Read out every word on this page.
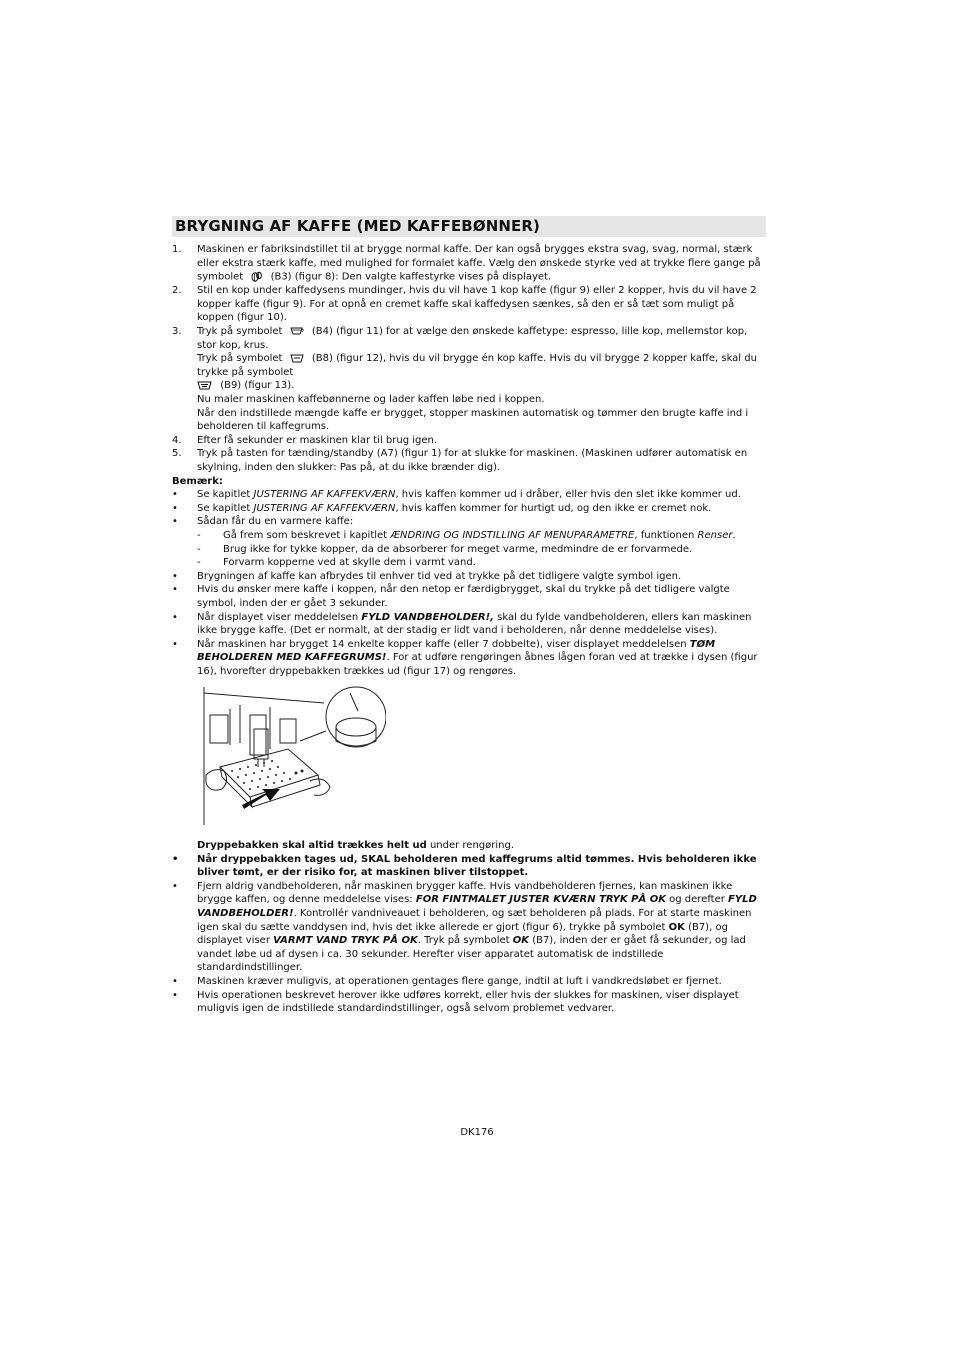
BRYGNING AF KAFFE (MED KAFFEBØNNER)
1. Maskinen er fabriksindstillet til at brygge normal kaffe. Der kan også brygges ekstra svag, svag, normal, stærk eller ekstra stærk kaffe, med mulighed for formalet kaffe. Vælg den ønskede styrke ved at trykke flere gange på symbolet	(B3) (figur 8): Den valgte kaffestyrke vises på displayet.
2. Stil en kop under kaffedysens mundinger, hvis du vil have 1 kop kaffe (figur 9) eller 2 kopper, hvis du vil have 2 kopper kaffe (figur 9). For at opnå en cremet kaffe skal kaffedysen sænkes, så den er så tæt som muligt på koppen (figur 10).
3. Tryk på symbolet	(B4) (figur 11) for at vælge den ønskede kaffetype: espresso, lille kop, mellemstor kop, stor kop, krus.
Tryk på symbolet	(B8) (figur 12), hvis du vil brygge én kop kaffe. Hvis du vil brygge 2 kopper kaffe, skal du trykke på symbolet
(B9) (figur 13).
Nu maler maskinen kaffebønnerne og lader kaffen løbe ned i koppen.
Når den indstillede mængde kaffe er brygget, stopper maskinen automatisk og tømmer den brugte kaffe ind i beholderen til kaffegrums.
4. Efter få sekunder er maskinen klar til brug igen.
5. Tryk på tasten for tænding/standby (A7) (figur 1) for at slukke for maskinen. (Maskinen udfører automatisk en skylning, inden den slukker: Pas på, at du ikke brænder dig).
Bemærk:
• Se kapitlet JUSTERING AF KAFFEKVÆRN, hvis kaffen kommer ud i dråber, eller hvis den slet ikke kommer ud.
• Se kapitlet JUSTERING AF KAFFEKVÆRN, hvis kaffen kommer for hurtigt ud, og den ikke er cremet nok.
• Sådan får du en varmere kaffe:
- Gå frem som beskrevet i kapitlet ÆNDRING OG INDSTILLING AF MENUPARAMETRE, funktionen Renser.
- Brug ikke for tykke kopper, da de absorberer for meget varme, medmindre de er forvarmede.
- Forvarm kopperne ved at skylle dem i varmt vand.
• Brygningen af kaffe kan afbrydes til enhver tid ved at trykke på det tidligere valgte symbol igen.
• Hvis du ønsker mere kaffe i koppen, når den netop er færdigbrygget, skal du trykke på det tidligere valgte symbol, inden der er gået 3 sekunder.
• Når displayet viser meddelelsen FYLD VANDBEHOLDER!, skal du fylde vandbeholderen, ellers kan maskinen ikke brygge kaffe. (Det er normalt, at der stadig er lidt vand i beholderen, når denne meddelelse vises).
• Når maskinen har brygget 14 enkelte kopper kaffe (eller 7 dobbelte), viser displayet meddelelsen TØM BEHOLDEREN MED KAFFEGRUMS!. For at udføre rengøringen åbnes lågen foran ved at trække i dysen (figur 16), hvorefter dryppebakken trækkes ud (figur 17) og rengøres.
Dryppebakken skal altid trækkes helt ud under rengøring.
• Når dryppebakken tages ud, SKAL beholderen med kaffegrums altid tømmes. Hvis beholderen ikke bliver tømt, er der risiko for, at maskinen bliver tilstoppet.
• Fjern aldrig vandbeholderen, når maskinen brygger kaffe. Hvis vandbeholderen fjernes, kan maskinen ikke brygge kaffen, og denne meddelelse vises: FOR FINTMALET JUSTER KVÆRN TRYK PÅ OK og derefter FYLD VANDBEHOLDER!. Kontrollér vandniveauet i beholderen, og sæt beholderen på plads. For at starte maskinen igen skal du sætte vanddysen ind, hvis det ikke allerede er gjort (figur 6), trykke på symbolet OK (B7), og displayet viser VARMT VAND TRYK PÅ OK. Tryk på symbolet OK (B7), inden der er gået få sekunder, og lad vandet løbe ud af dysen i ca. 30 sekunder. Herefter viser apparatet automatisk de indstillede standardindstillinger.
• Maskinen kræver muligvis, at operationen gentages flere gange, indtil at luft i vandkredsløbet er fjernet.
• Hvis operationen beskrevet herover ikke udføres korrekt, eller hvis der slukkes for maskinen, viser displayet muligvis igen de indstillede standardindstillinger, også selvom problemet vedvarer.
DK176
